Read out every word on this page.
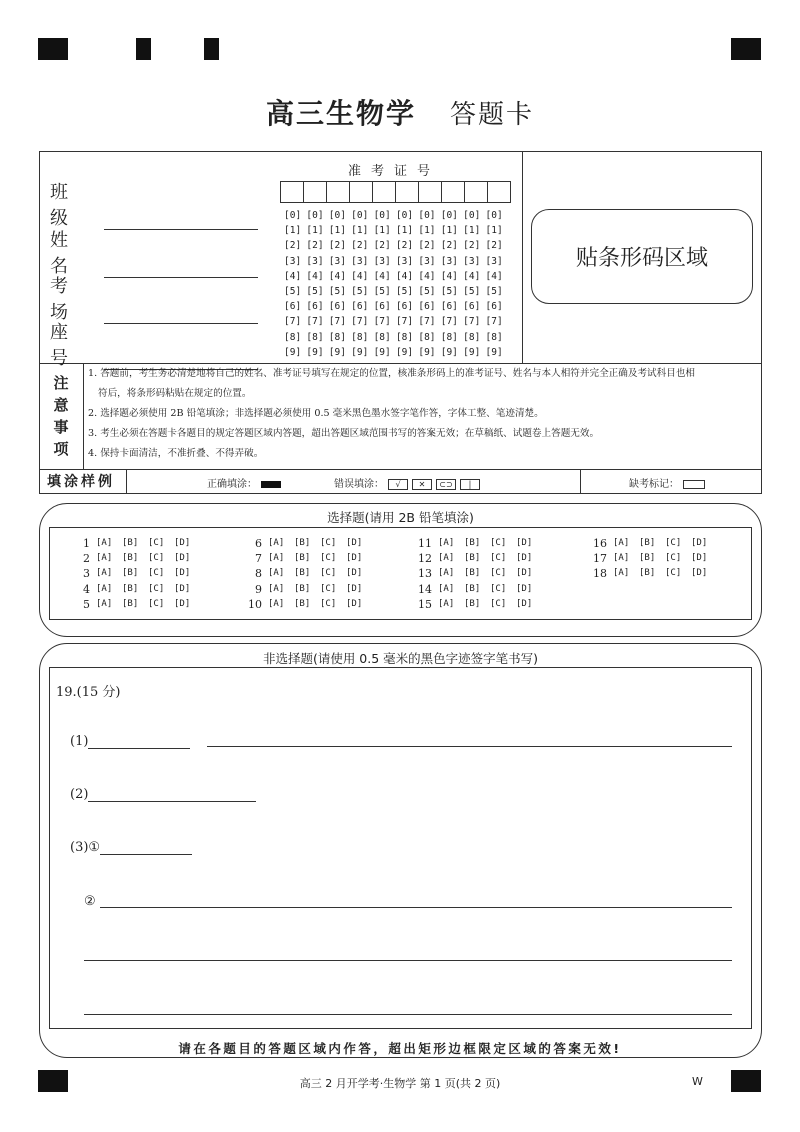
高三生物学 答题卡
班 级
姓 名
考 场
座 号
准考证号
[0] [0] [0] [0] [0] [0] [0] [0] [0] [0]
[1] [1] [1] [1] [1] [1] [1] [1] [1] [1]
[2] [2] [2] [2] [2] [2] [2] [2] [2] [2]
[3] [3] [3] [3] [3] [3] [3] [3] [3] [3]
[4] [4] [4] [4] [4] [4] [4] [4] [4] [4]
[5] [5] [5] [5] [5] [5] [5] [5] [5] [5]
[6] [6] [6] [6] [6] [6] [6] [6] [6] [6]
[7] [7] [7] [7] [7] [7] [7] [7] [7] [7]
[8] [8] [8] [8] [8] [8] [8] [8] [8] [8]
[9] [9] [9] [9] [9] [9] [9] [9] [9] [9]
贴条形码区域
注
意
事
项

1. 答题前，考生务必清楚地将自己的姓名、准考证号填写在规定的位置，核准条形码上的准考证号、姓名与本人相符并完全正确及考试科目也相

符后，将条形码粘贴在规定的位置。

2. 选择题必须使用 2B 铅笔填涂；非选择题必须使用 0.5 毫米黑色墨水签字笔作答，字体工整、笔迹清楚。

3. 考生必须在答题卡各题目的规定答题区域内答题，超出答题区域范围书写的答案无效；在草稿纸、试题卷上答题无效。

4. 保持卡面清洁，不准折叠、不得弄破。

填涂样例	正确填涂：	错误填涂： √ ✕ ⊂⊃ |	缺考标记：
选择题(请用 2B 铅笔填涂)
1 [A]	[B]	[C]	[D]
2 [A]	[B]	[C]	[D]
3 [A]	[B]	[C]	[D]
4 [A]	[B]	[C]	[D]
5 [A]	[B]	[C]	[D]
6 [A]	[B]	[C]	[D]
7 [A]	[B]	[C]	[D]
8 [A]	[B]	[C]	[D]
9 [A]	[B]	[C]	[D]
10 [A]	[B]	[C]	[D]
11 [A]	[B]	[C]	[D]
12 [A]	[B]	[C]	[D]
13 [A]	[B]	[C]	[D]
14 [A]	[B]	[C]	[D]
15 [A]	[B]	[C]	[D]
16 [A]	[B]	[C]	[D]
17 [A]	[B]	[C]	[D]
18 [A]	[B]	[C]	[D]
非选择题(请使用 0.5 毫米的黑色字迹签字笔书写)
19.(15 分)
(1)
(2)
(3)①
②
请在各题目的答题区域内作答，超出矩形边框限定区域的答案无效!
高三 2 月开学考·生物学 第 1 页(共 2 页)	W
